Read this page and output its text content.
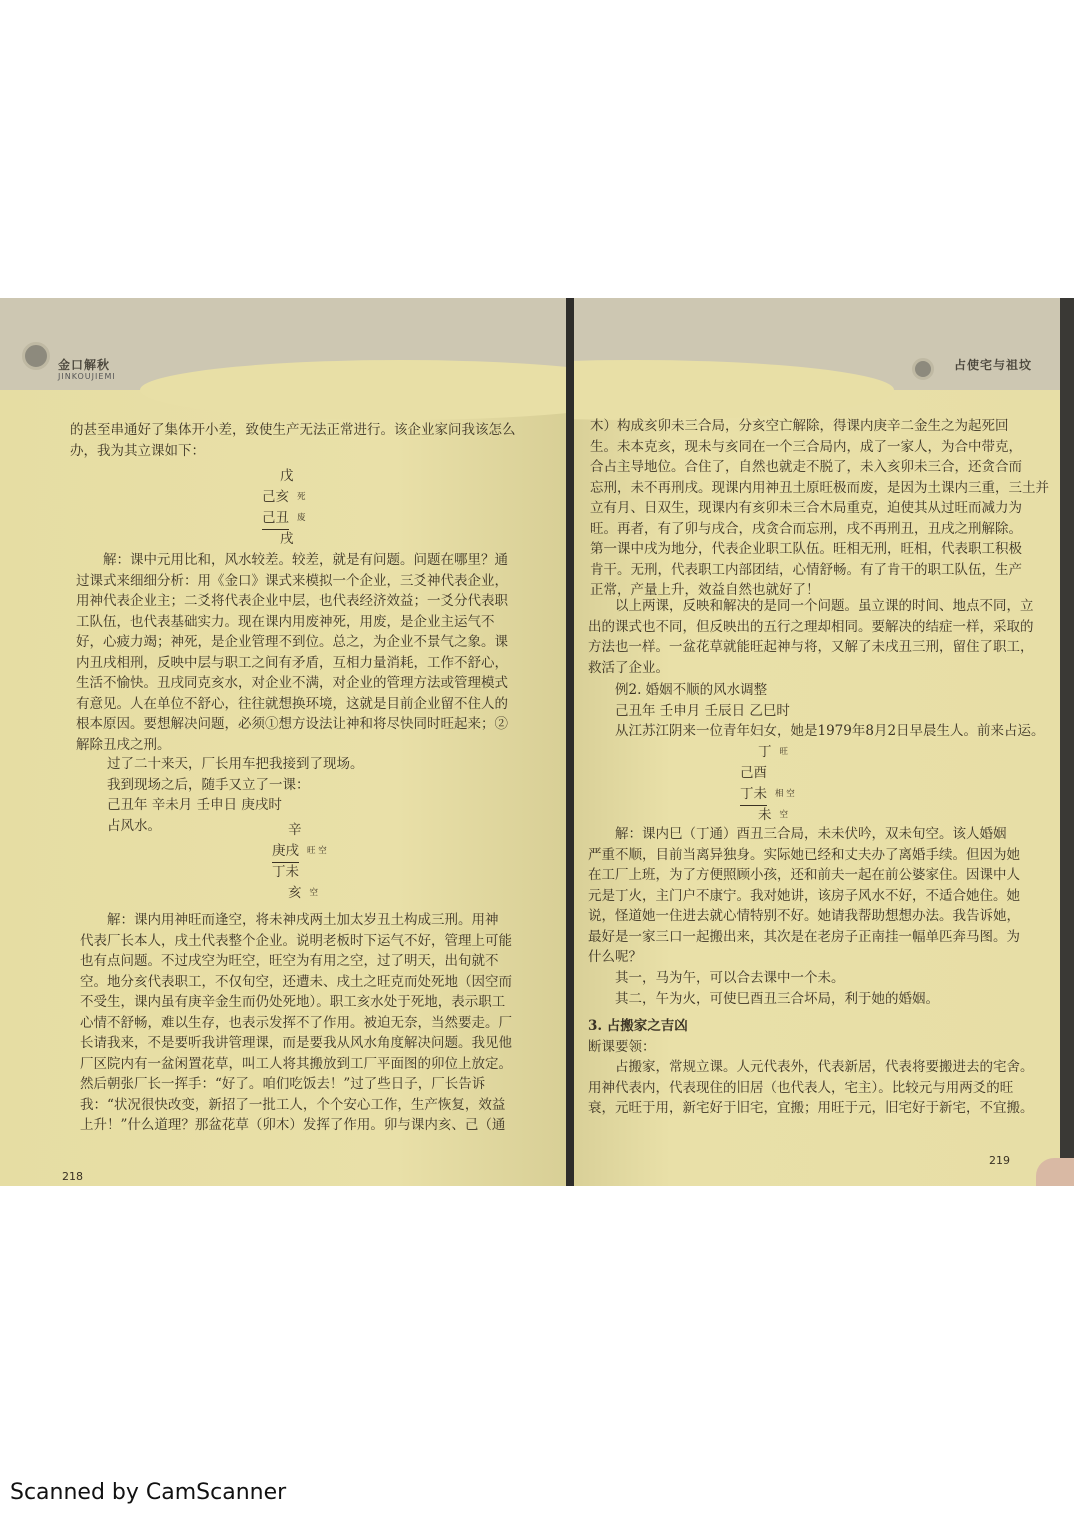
金口解秋
JINKOUJIEMI
的甚至串通好了集体开小差，致使生产无法正常进行。该企业家问我该怎么
办，我为其立课如下：
戊
己亥 死
己丑 废
戌
解：课中元用比和，风水较差。较差，就是有问题。问题在哪里？通
过课式来细细分析：用《金口》课式来模拟一个企业，三爻神代表企业，
用神代表企业主；二爻将代表企业中层，也代表经济效益；一爻分代表职
工队伍，也代表基础实力。现在课内用废神死，用废，是企业主运气不
好，心疲力竭；神死，是企业管理不到位。总之，为企业不景气之象。课
内丑戌相刑，反映中层与职工之间有矛盾，互相力量消耗，工作不舒心，
生活不愉快。丑戌同克亥水，对企业不满，对企业的管理方法或管理模式
有意见。人在单位不舒心，往往就想换环境，这就是目前企业留不住人的
根本原因。要想解决问题，必须①想方设法让神和将尽快同时旺起来；②
解除丑戌之刑。
过了二十来天，厂长用车把我接到了现场。
我到现场之后，随手又立了一课：
己丑年 辛未月 壬申日 庚戌时
占风水。	辛
庚戌 旺 空
丁未
亥空
解：课内用神旺而逢空，将未神戌两土加太岁丑土构成三刑。用神
代表厂长本人，戌土代表整个企业。说明老板时下运气不好，管理上可能
也有点问题。不过戌空为旺空，旺空为有用之空，过了明天，出旬就不
空。地分亥代表职工，不仅旬空，还遭未、戌土之旺克而处死地（因空而
不受生，课内虽有庚辛金生而仍处死地）。职工亥水处于死地，表示职工
心情不舒畅，难以生存，也表示发挥不了作用。被迫无奈，当然要走。厂
长请我来，不是要听我讲管理课，而是要我从风水角度解决问题。我见他
厂区院内有一盆闲置花草，叫工人将其搬放到工厂平面图的卯位上放定。
然后朝张厂长一挥手：“好了。咱们吃饭去！”过了些日子，厂长告诉
我：“状况很快改变，新招了一批工人，个个安心工作，生产恢复，效益
上升！”什么道理？那盆花草（卯木）发挥了作用。卯与课内亥、己（通
218
占使宅与祖坟
木）构成亥卯未三合局，分亥空亡解除，得课内庚辛二金生之为起死回
生。未本克亥，现未与亥同在一个三合局内，成了一家人，为合中带克，
合占主导地位。合住了，自然也就走不脱了，未入亥卯未三合，还贪合而
忘刑，未不再刑戌。现课内用神丑土原旺极而废，是因为土课内三重，三土并
立有月、日双生，现课内有亥卯未三合木局重克，迫使其从过旺而减力为
旺。再者，有了卯与戌合，戌贪合而忘刑，戌不再刑丑，丑戌之刑解除。
第一课中戌为地分，代表企业职工队伍。旺相无刑，旺相，代表职工积极
肯干。无刑，代表职工内部团结，心情舒畅。有了肯干的职工队伍，生产
正常，产量上升，效益自然也就好了！
以上两课，反映和解决的是同一个问题。虽立课的时间、地点不同，立
出的课式也不同，但反映出的五行之理却相同。要解决的结症一样，采取的
方法也一样。一盆花草就能旺起神与将，又解了未戌丑三刑，留住了职工，
救活了企业。
例2. 婚姻不顺的风水调整
己丑年 壬申月 壬辰日 乙巳时
从江苏江阴来一位青年妇女，她是1979年8月2日早晨生人。前来占运。
丁旺
己酉
丁未 相 空
未空
解：课内巳（丁通）酉丑三合局，未未伏吟，双未旬空。该人婚姻
严重不顺，目前当离异独身。实际她已经和丈夫办了离婚手续。但因为她
在工厂上班，为了方便照顾小孩，还和前夫一起在前公婆家住。因课中人
元是丁火，主门户不康宁。我对她讲，该房子风水不好，不适合她住。她
说，怪道她一住进去就心情特别不好。她请我帮助想想办法。我告诉她，
最好是一家三口一起搬出来，其次是在老房子正南挂一幅单匹奔马图。为
什么呢？
其一，马为午，可以合去课中一个未。
其二，午为火，可使巳酉丑三合坏局，利于她的婚姻。
3. 占搬家之吉凶
断课要领：
占搬家，常规立课。人元代表外，代表新居，代表将要搬进去的宅舍。
用神代表内，代表现住的旧居（也代表人，宅主）。比较元与用两爻的旺
衰，元旺于用，新宅好于旧宅，宜搬；用旺于元，旧宅好于新宅，不宜搬。
219
Scanned by CamScanner
